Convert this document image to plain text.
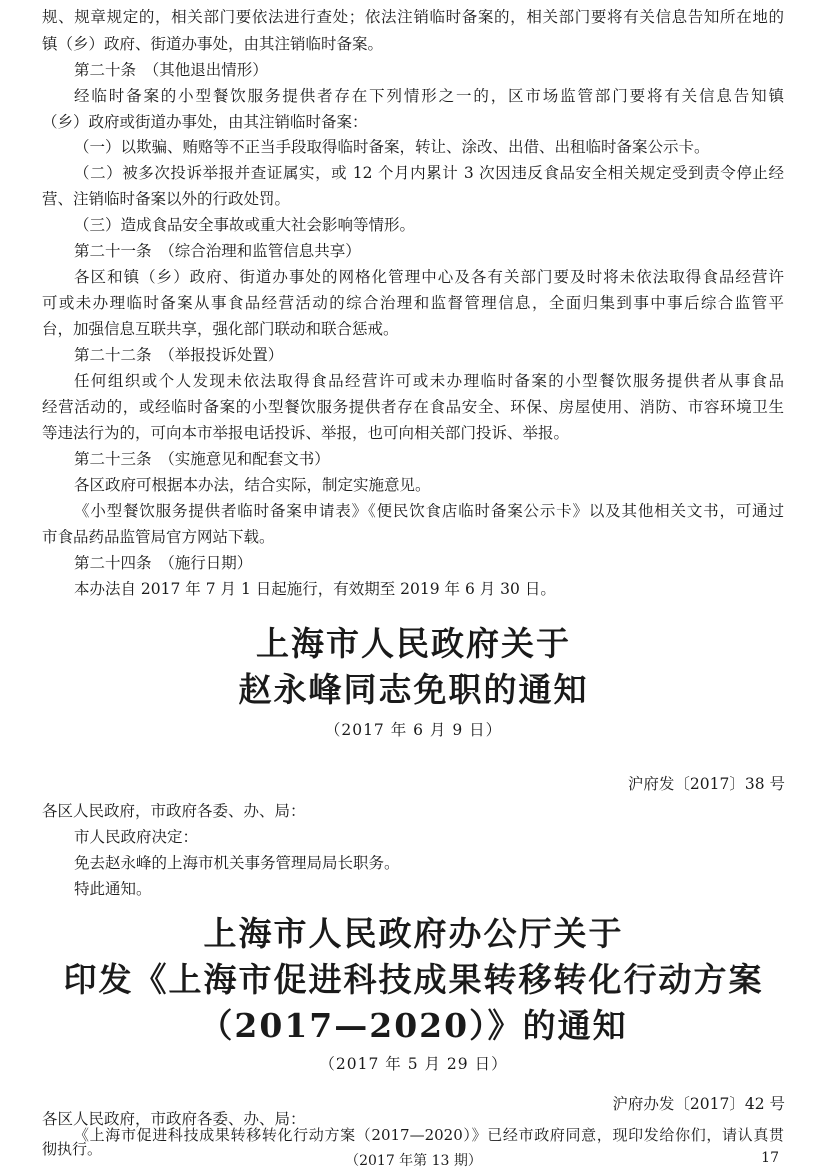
规、规章规定的，相关部门要依法进行查处；依法注销临时备案的，相关部门要将有关信息告知所在地的
镇（乡）政府、街道办事处，由其注销临时备案。
第二十条　（其他退出情形）
经临时备案的小型餐饮服务提供者存在下列情形之一的，区市场监管部门要将有关信息告知镇
（乡）政府或街道办事处，由其注销临时备案：
（一）以欺骗、贿赂等不正当手段取得临时备案，转让、涂改、出借、出租临时备案公示卡。
（二）被多次投诉举报并查证属实，或 12 个月内累计 3 次因违反食品安全相关规定受到责令停止经
营、注销临时备案以外的行政处罚。
（三）造成食品安全事故或重大社会影响等情形。
第二十一条　（综合治理和监管信息共享）
各区和镇（乡）政府、街道办事处的网格化管理中心及各有关部门要及时将未依法取得食品经营许
可或未办理临时备案从事食品经营活动的综合治理和监督管理信息，全面归集到事中事后综合监管平
台，加强信息互联共享，强化部门联动和联合惩戒。
第二十二条　（举报投诉处置）
任何组织或个人发现未依法取得食品经营许可或未办理临时备案的小型餐饮服务提供者从事食品
经营活动的，或经临时备案的小型餐饮服务提供者存在食品安全、环保、房屋使用、消防、市容环境卫生
等违法行为的，可向本市举报电话投诉、举报，也可向相关部门投诉、举报。
第二十三条　（实施意见和配套文书）
各区政府可根据本办法，结合实际，制定实施意见。
《小型餐饮服务提供者临时备案申请表》《便民饮食店临时备案公示卡》以及其他相关文书，可通过
市食品药品监管局官方网站下载。
第二十四条　（施行日期）
本办法自 2017 年 7 月 1 日起施行，有效期至 2019 年 6 月 30 日。
上海市人民政府关于
赵永峰同志免职的通知
（2017 年 6 月 9 日）
沪府发〔2017〕38 号
各区人民政府，市政府各委、办、局：
市人民政府决定：
免去赵永峰的上海市机关事务管理局局长职务。
特此通知。
上海市人民政府办公厅关于
印发《上海市促进科技成果转移转化行动方案
（2017—2020）》的通知
（2017 年 5 月 29 日）
沪府办发〔2017〕42 号
各区人民政府，市政府各委、办、局：
《上海市促进科技成果转移转化行动方案（2017—2020）》已经市政府同意，现印发给你们，请认真贯
彻执行。
（2017 年第 13 期）	17
